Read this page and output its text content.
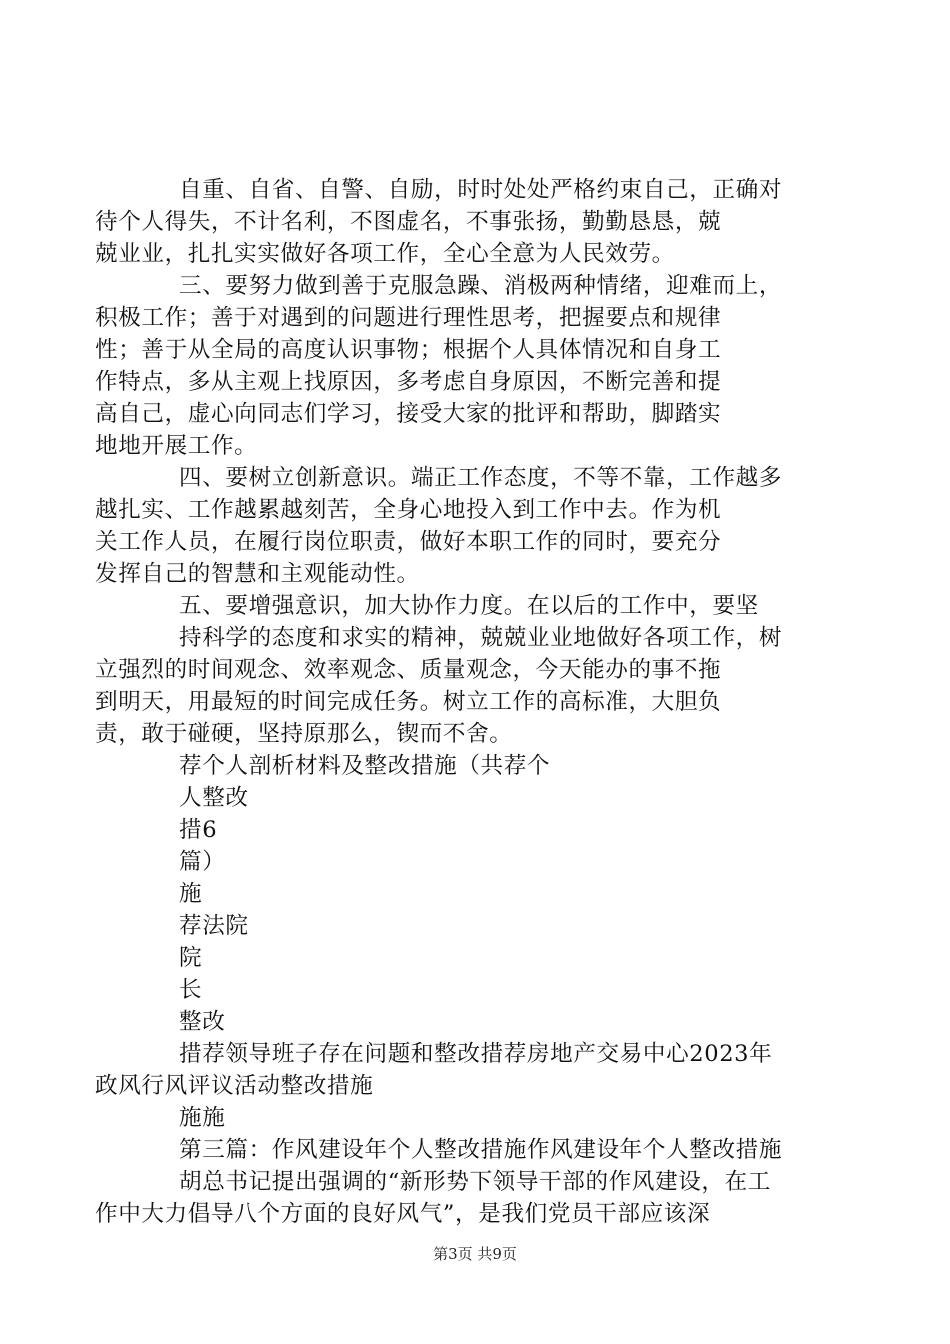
自重、自省、自警、自励，时时处处严格约束自己，正确对
待个人得失，不计名利，不图虚名，不事张扬，勤勤恳恳，兢
兢业业，扎扎实实做好各项工作，全心全意为人民效劳。
三、要努力做到善于克服急躁、消极两种情绪，迎难而上，
积极工作；善于对遇到的问题进行理性思考，把握要点和规律
性；善于从全局的高度认识事物；根据个人具体情况和自身工
作特点，多从主观上找原因，多考虑自身原因，不断完善和提
高自己，虚心向同志们学习，接受大家的批评和帮助，脚踏实
地地开展工作。
四、要树立创新意识。端正工作态度，不等不靠，工作越多
越扎实、工作越累越刻苦，全身心地投入到工作中去。作为机
关工作人员，在履行岗位职责，做好本职工作的同时，要充分
发挥自己的智慧和主观能动性。
五、要增强意识，加大协作力度。在以后的工作中，要坚
持科学的态度和求实的精神，兢兢业业地做好各项工作，树
立强烈的时间观念、效率观念、质量观念，今天能办的事不拖
到明天，用最短的时间完成任务。树立工作的高标准，大胆负
责，敢于碰硬，坚持原那么，锲而不舍。
荐个人剖析材料及整改措施（共荐个
人整改
措6
篇）
施
荐法院
院
长
整改
措荐领导班子存在问题和整改措荐房地产交易中心2023年
政风行风评议活动整改措施
施施
第三篇：作风建设年个人整改措施作风建设年个人整改措施
胡总书记提出强调的“新形势下领导干部的作风建设，在工
作中大力倡导八个方面的良好风气”，是我们党员干部应该深
第3页 共9页
